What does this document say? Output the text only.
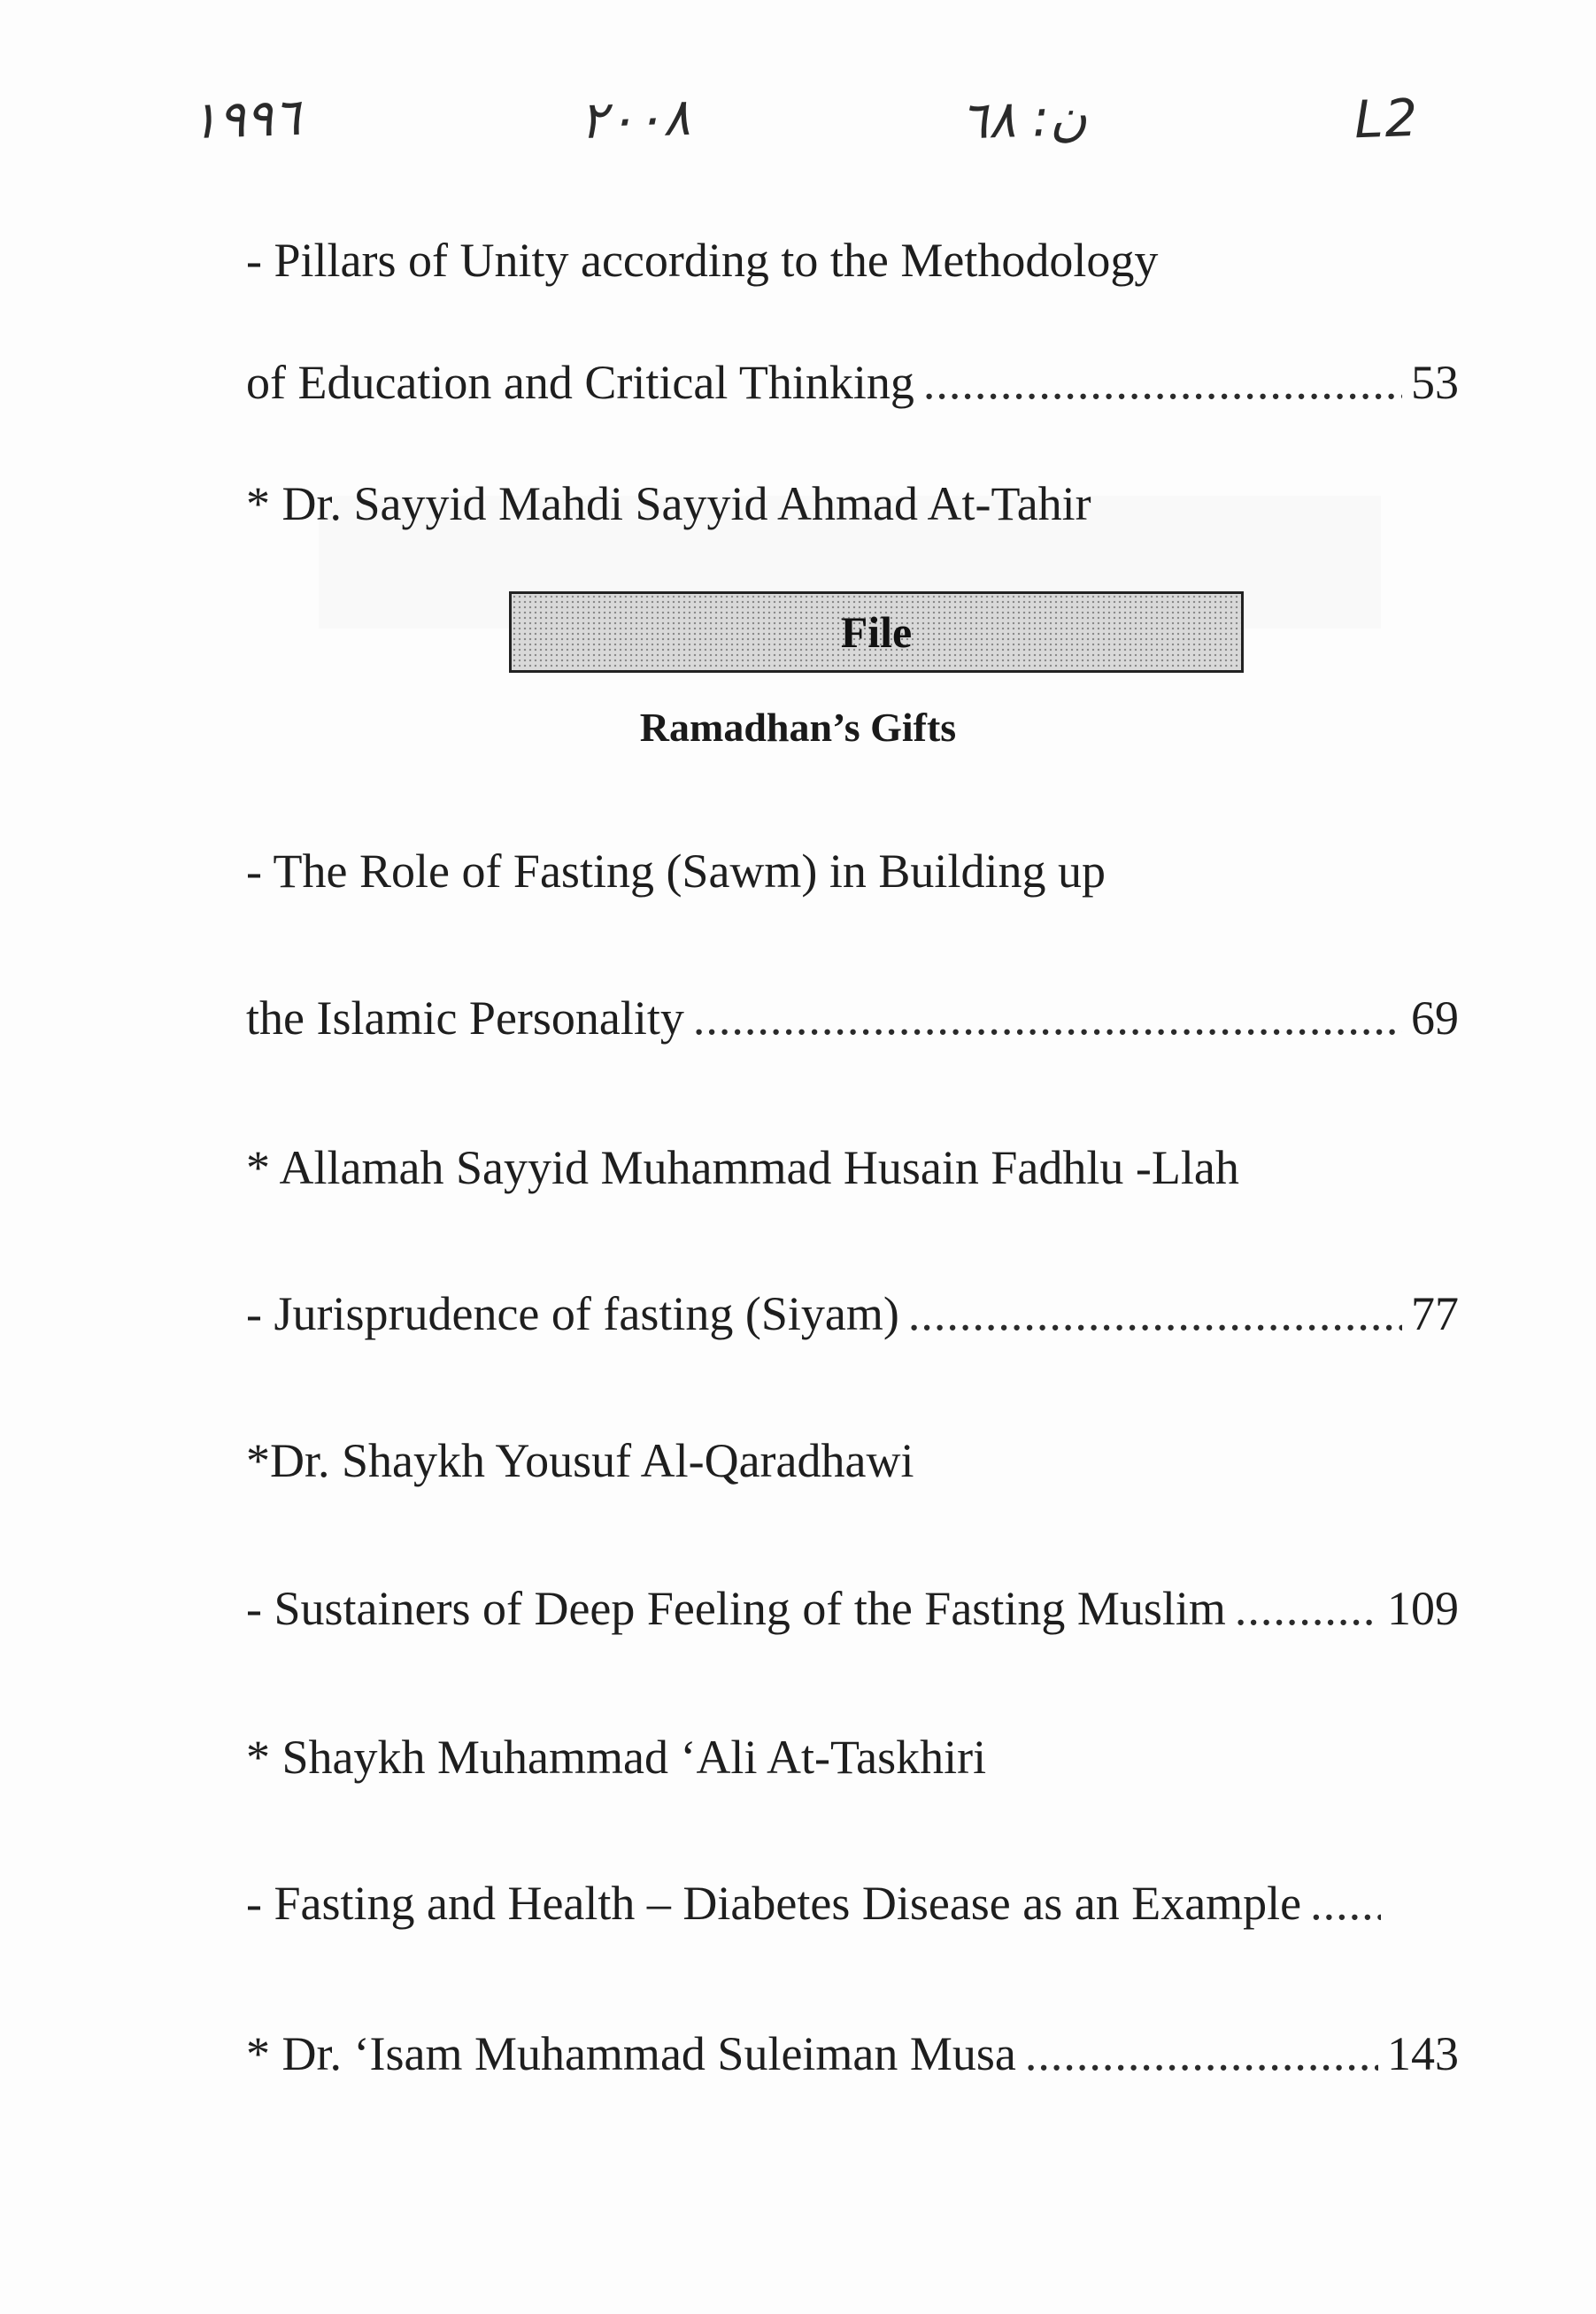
١٩٩٦	٢٠٠٨	ن: ٦٨	L2
- Pillars of Unity according to the Methodology
of Education and Critical Thinking .....	53
* Dr. Sayyid Mahdi Sayyid Ahmad At-Tahir
File
Ramadhan’s Gifts
- The Role of Fasting (Sawm) in Building up
the Islamic Personality .....	69
* Allamah Sayyid Muhammad Husain Fadhlu -Llah
- Jurisprudence of fasting (Siyam) .....	77
*Dr. Shaykh Yousuf Al-Qaradhawi
- Sustainers of Deep Feeling of the Fasting Muslim .....	109
* Shaykh Muhammad ‘Ali At-Taskhiri
- Fasting and Health – Diabetes Disease as an Example
.....
* Dr. ‘Isam Muhammad Suleiman Musa .....	143
